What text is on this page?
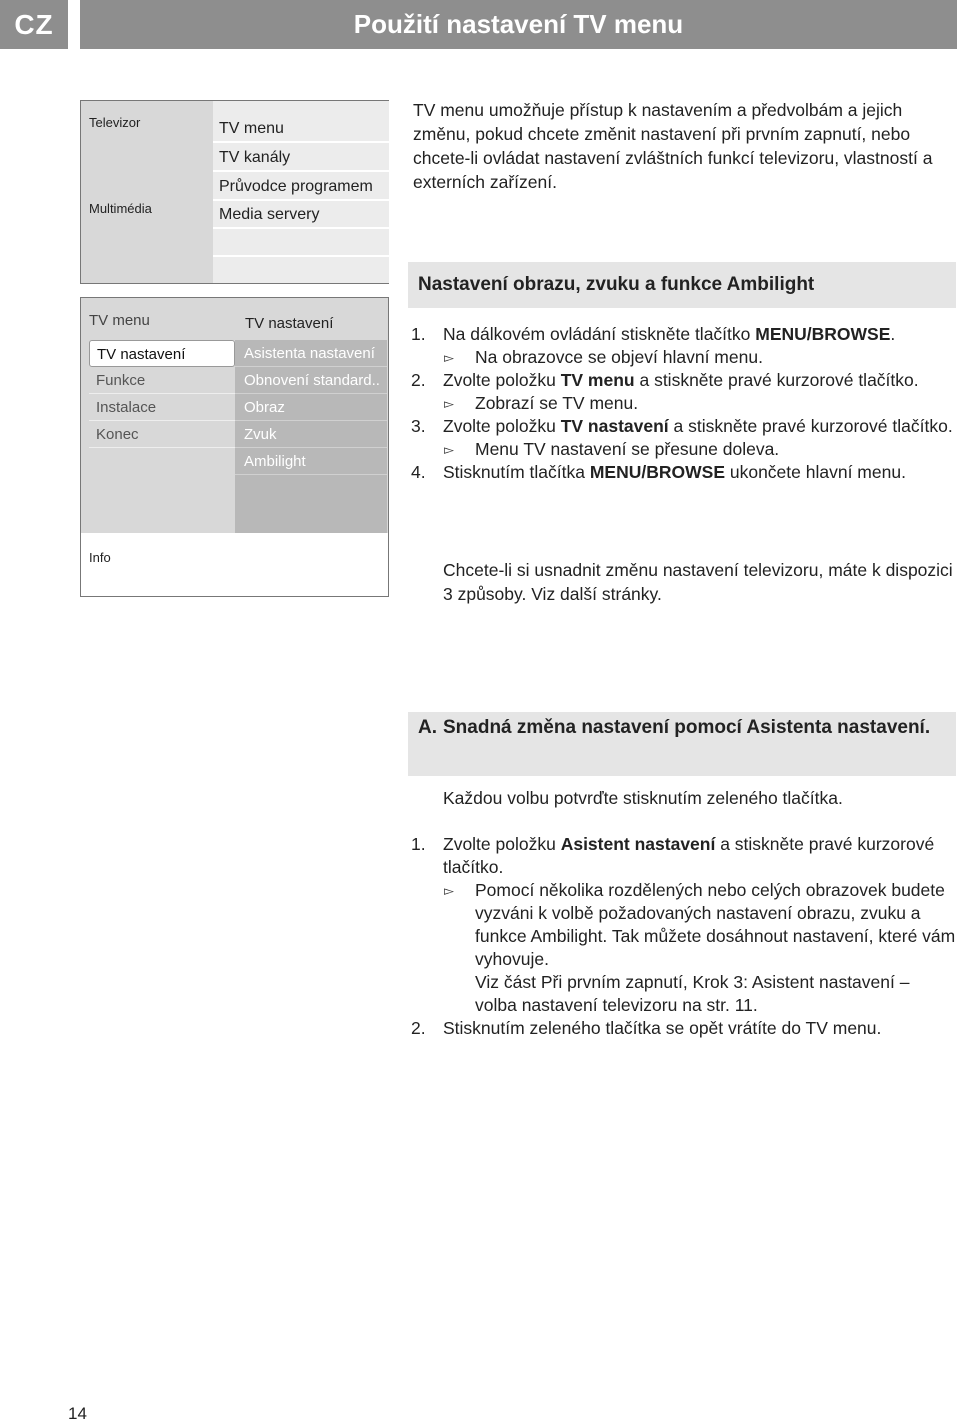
CZ	Použití nastavení TV menu
Televizor
Multimédia
TV menu
TV kanály
Průvodce programem
Media servery

TV menu umožňuje přístup k nastavením a předvolbám a jejich změnu, pokud chcete změnit nastavení při prvním zapnutí, nebo chcete-li ovládat nastavení zvláštních funkcí televizoru, vlastností a externích zařízení.

Nastavení obrazu, zvuku a funkce Ambilight
TV menu	TV nastavení
TV nastavení
Funkce
Instalace
Konec
Asistenta nastavení
Obnovení standard..
Obraz
Zvuk
Ambilight
Info
1. Na dálkovém ovládání stiskněte tlačítko MENU/BROWSE.
▻ Na obrazovce se objeví hlavní menu.
2. Zvolte položku TV menu a stiskněte pravé kurzorové tlačítko.
▻ Zobrazí se TV menu.
3. Zvolte položku TV nastavení a stiskněte pravé kurzorové tlačítko.
▻ Menu TV nastavení se přesune doleva.
4. Stisknutím tlačítka MENU/BROWSE ukončete hlavní menu.

Chcete-li si usnadnit změnu nastavení televizoru, máte k dispozici 3 způsoby. Viz další stránky.

A. Snadná změna nastavení pomocí Asistenta nastavení.

Každou volbu potvrďte stisknutím zeleného tlačítka.

1. Zvolte položku Asistent nastavení a stiskněte pravé kurzorové tlačítko.
▻ Pomocí několika rozdělených nebo celých obrazovek budete vyzváni k volbě požadovaných nastavení obrazu, zvuku a funkce Ambilight. Tak můžete dosáhnout nastavení, které vám vyhovuje.
Viz část Při prvním zapnutí, Krok 3: Asistent nastavení – volba nastavení televizoru na str. 11.
2. Stisknutím zeleného tlačítka se opět vrátíte do TV menu.
14
